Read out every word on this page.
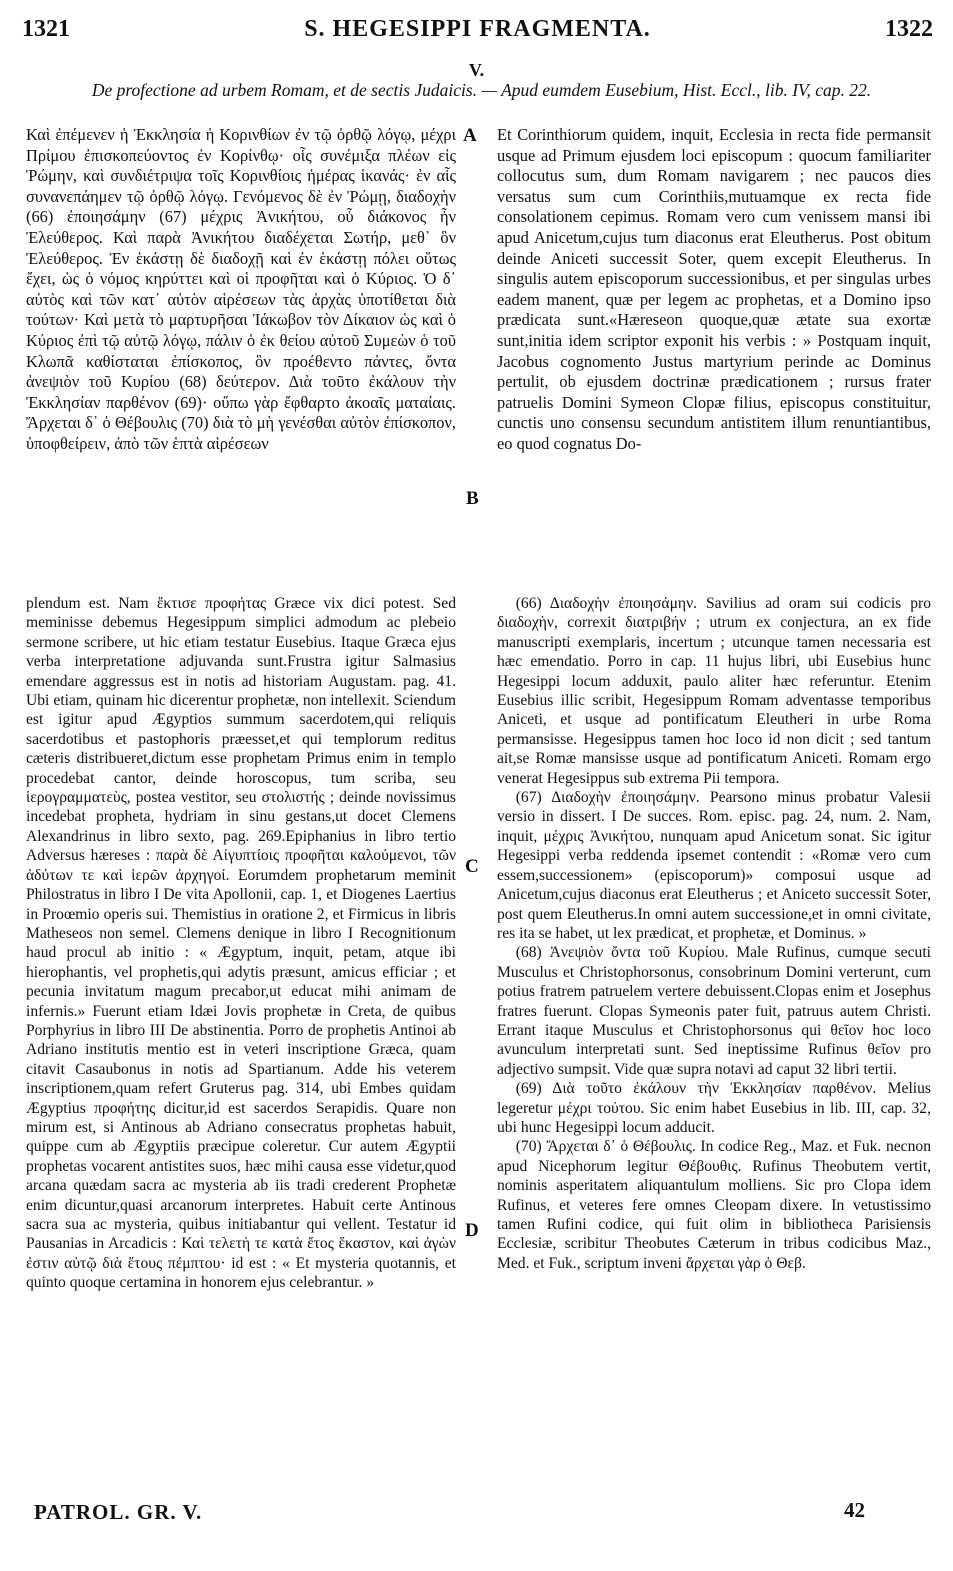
1321	S. HEGESIPPI FRAGMENTA.	1322
V.
De profectione ad urbem Romam, et de sectis Judaicis. — Apud eumdem Eusebium, Hist. Eccl., lib. IV, cap. 22.

Καὶ ἐπέμενεν ἡ Ἐκκλησία ἡ Κορινθίων ἐν τῷ ὀρθῷ λόγῳ, μέχρι Πρίμου ἐπισκοπεύοντος ἐν Κορίνθῳ· οἷς συνέμιξα πλέων εἰς Ῥώμην, καὶ συνδιέτριψα τοῖς Κορινθίοις ἡμέρας ἱκανάς· ἐν αἷς συνανεπάημεν τῷ ὀρθῷ λόγῳ. Γενόμενος δὲ ἐν Ῥώμῃ, διαδοχὴν (66) ἐποιησάμην (67) μέχρις Ἀνικήτου, οὗ διάκονος ἦν Ἐλεύθερος. Καὶ παρὰ Ἀνικήτου διαδέχεται Σωτήρ, μεθ᾽ ὃν Ἐλεύθερος. Ἐν ἑκάστῃ δὲ διαδοχῇ καὶ ἐν ἑκάστῃ πόλει οὕτως ἔχει, ὡς ὁ νόμος κηρύττει καὶ οἱ προφῆται καὶ ὁ Κύριος. Ὁ δ᾽ αὐτὸς καὶ τῶν κατ᾽ αὐτὸν αἱρέσεων τὰς ἀρχὰς ὑποτίθεται διὰ τούτων· Καὶ μετὰ τὸ μαρτυρῆσαι Ἰάκωβον τὸν Δίκαιον ὡς καὶ ὁ Κύριος ἐπὶ τῷ αὐτῷ λόγῳ, πάλιν ὁ ἐκ θείου αὐτοῦ Συμεὼν ὁ τοῦ Κλωπᾶ καθίσταται ἐπίσκοπος, ὃν προέθεντο πάντες, ὄντα ἀνεψιὸν τοῦ Κυρίου (68) δεύτερον. Διὰ τοῦτο ἐκάλουν τὴν Ἐκκλησίαν παρθένον (69)· οὔπω γὰρ ἔφθαρτο ἀκοαῖς ματαίαις. Ἄρχεται δ᾽ ὁ Θέβουλις (70) διὰ τὸ μὴ γενέσθαι αὐτὸν ἐπίσκοπον, ὑποφθείρειν, ἀπὸ τῶν ἑπτὰ αἱρέσεων

Et Corinthiorum quidem, inquit, Ecclesia in recta fide permansit usque ad Primum ejusdem loci episcopum : quocum familiariter collocutus sum, dum Romam navigarem ; nec paucos dies versatus sum cum Corinthiis,mutuamque ex recta fide consolationem cepimus. Romam vero cum venissem mansi ibi apud Anicetum,cujus tum diaconus erat Eleutherus. Post obitum deinde Aniceti successit Soter, quem excepit Eleutherus. In singulis autem episcoporum successionibus, et per singulas urbes eadem manent, quæ per legem ac prophetas, et a Domino ipso prædicata sunt.«Hæreseon quoque,quæ ætate sua exortæ sunt,initia idem scriptor exponit his verbis : » Postquam inquit, Jacobus cognomento Justus martyrium perinde ac Dominus pertulit, ob ejusdem doctrinæ prædicationem ; rursus frater patruelis Domini Symeon Clopæ filius, episcopus constituitur, cunctis uno consensu secundum antistitem illum renuntiantibus, eo quod cognatus Do-

A
B
C
D

plendum est. Nam ἔκτισε προφήτας Græce vix dici potest. Sed meminisse debemus Hegesippum simplici admodum ac plebeio sermone scribere, ut hic etiam testatur Eusebius. Itaque Græca ejus verba interpretatione adjuvanda sunt.Frustra igitur Salmasius emendare aggressus est in notis ad historiam Augustam. pag. 41. Ubi etiam, quinam hic dicerentur prophetæ, non intellexit. Sciendum est igitur apud Ægyptios summum sacerdotem,qui reliquis sacerdotibus et pastophoris præesset,et qui templorum reditus cæteris distribueret,dictum esse prophetam Primus enim in templo procedebat cantor, deinde horoscopus, tum scriba, seu ἱερογραμματεὺς, postea vestitor, seu στολιστής ; deinde novissimus incedebat propheta, hydriam in sinu gestans,ut docet Clemens Alexandrinus in libro sexto, pag. 269.Epiphanius in libro tertio Adversus hæreses : παρὰ δὲ Αἰγυπτίοις προφῆται καλούμενοι, τῶν ἀδύτων τε καὶ ἱερῶν ἀρχηγοί. Eorumdem prophetarum meminit Philostratus in libro I De vita Apollonii, cap. 1, et Diogenes Laertius in Proœmio operis sui. Themistius in oratione 2, et Firmicus in libris Matheseos non semel. Clemens denique in libro I Recognitionum haud procul ab initio : « Ægyptum, inquit, petam, atque ibi hierophantis, vel prophetis,qui adytis præsunt, amicus efficiar ; et pecunia invitatum magum precabor,ut educat mihi animam de infernis.» Fuerunt etiam Idæi Jovis prophetæ in Creta, de quibus Porphyrius in libro III De abstinentia. Porro de prophetis Antinoi ab Adriano institutis mentio est in veteri inscriptione Græca, quam citavit Casaubonus in notis ad Spartianum. Adde his veterem inscriptionem,quam refert Gruterus pag. 314, ubi Embes quidam Ægyptius προφήτης dicitur,id est sacerdos Serapidis. Quare non mirum est, si Antinous ab Adriano consecratus prophetas habuit, quippe cum ab Ægyptiis præcipue coleretur. Cur autem Ægyptii prophetas vocarent antistites suos, hæc mihi causa esse videtur,quod arcana quædam sacra ac mysteria ab iis tradi crederent Prophetæ enim dicuntur,quasi arcanorum interpretes. Habuit certe Antinous sacra sua ac mysteria, quibus initiabantur qui vellent. Testatur id Pausanias in Arcadicis : Καὶ τελετὴ τε κατὰ ἔτος ἕκαστον, καὶ ἀγὼν ἐστιν αὐτῷ διὰ ἔτους πέμπτου· id est : « Et mysteria quotannis, et quinto quoque certamina in honorem ejus celebrantur. »

(66) Διαδοχὴν ἐποιησάμην. Savilius ad oram sui codicis pro διαδοχὴν, correxit διατριβήν ; utrum ex conjectura, an ex fide manuscripti exemplaris, incertum ; utcunque tamen necessaria est hæc emendatio. Porro in cap. 11 hujus libri, ubi Eusebius hunc Hegesippi locum adduxit, paulo aliter hæc referuntur. Etenim Eusebius illic scribit, Hegesippum Romam adventasse temporibus Aniceti, et usque ad pontificatum Eleutheri in urbe Roma permansisse. Hegesippus tamen hoc loco id non dicit ; sed tantum ait,se Romæ mansisse usque ad pontificatum Aniceti. Romam ergo venerat Hegesippus sub extrema Pii tempora.

(67) Διαδοχὴν ἐποιησάμην. Pearsono minus probatur Valesii versio in dissert. I De succes. Rom. episc. pag. 24, num. 2. Nam, inquit, μέχρις Ἀνικήτου, nunquam apud Anicetum sonat. Sic igitur Hegesippi verba reddenda ipsemet contendit : «Romæ vero cum essem,successionem» (episcoporum)» composui usque ad Anicetum,cujus diaconus erat Eleutherus ; et Aniceto successit Soter, post quem Eleutherus.In omni autem successione,et in omni civitate, res ita se habet, ut lex prædicat, et prophetæ, et Dominus. »

(68) Ἀνεψιὸν ὄντα τοῦ Κυρίου. Male Rufinus, cumque secuti Musculus et Christophorsonus, consobrinum Domini verterunt, cum potius fratrem patruelem vertere debuissent.Clopas enim et Josephus fratres fuerunt. Clopas Symeonis pater fuit, patruus autem Christi. Errant itaque Musculus et Christophorsonus qui θεῖον hoc loco avunculum interpretati sunt. Sed ineptissime Rufinus θεῖον pro adjectivo sumpsit. Vide quæ supra notavi ad caput 32 libri tertii.

(69) Διὰ τοῦτο ἐκάλουν τὴν Ἐκκλησίαν παρθένον. Melius legeretur μέχρι τούτου. Sic enim habet Eusebius in lib. III, cap. 32, ubi hunc Hegesippi locum adducit.

(70) Ἄρχεται δ᾽ ὁ Θέβουλις. In codice Reg., Maz. et Fuk. necnon apud Nicephorum legitur Θέβουθις. Rufinus Theobutem vertit, nominis asperitatem aliquantulum molliens. Sic pro Clopa idem Rufinus, et veteres fere omnes Cleopam dixere. In vetustissimo tamen Rufini codice, qui fuit olim in bibliotheca Parisiensis Ecclesiæ, scribitur Theobutes Cæterum in tribus codicibus Maz., Med. et Fuk., scriptum inveni ἄρχεται γὰρ ὁ Θεβ.

PATROL. GR. V.	42
